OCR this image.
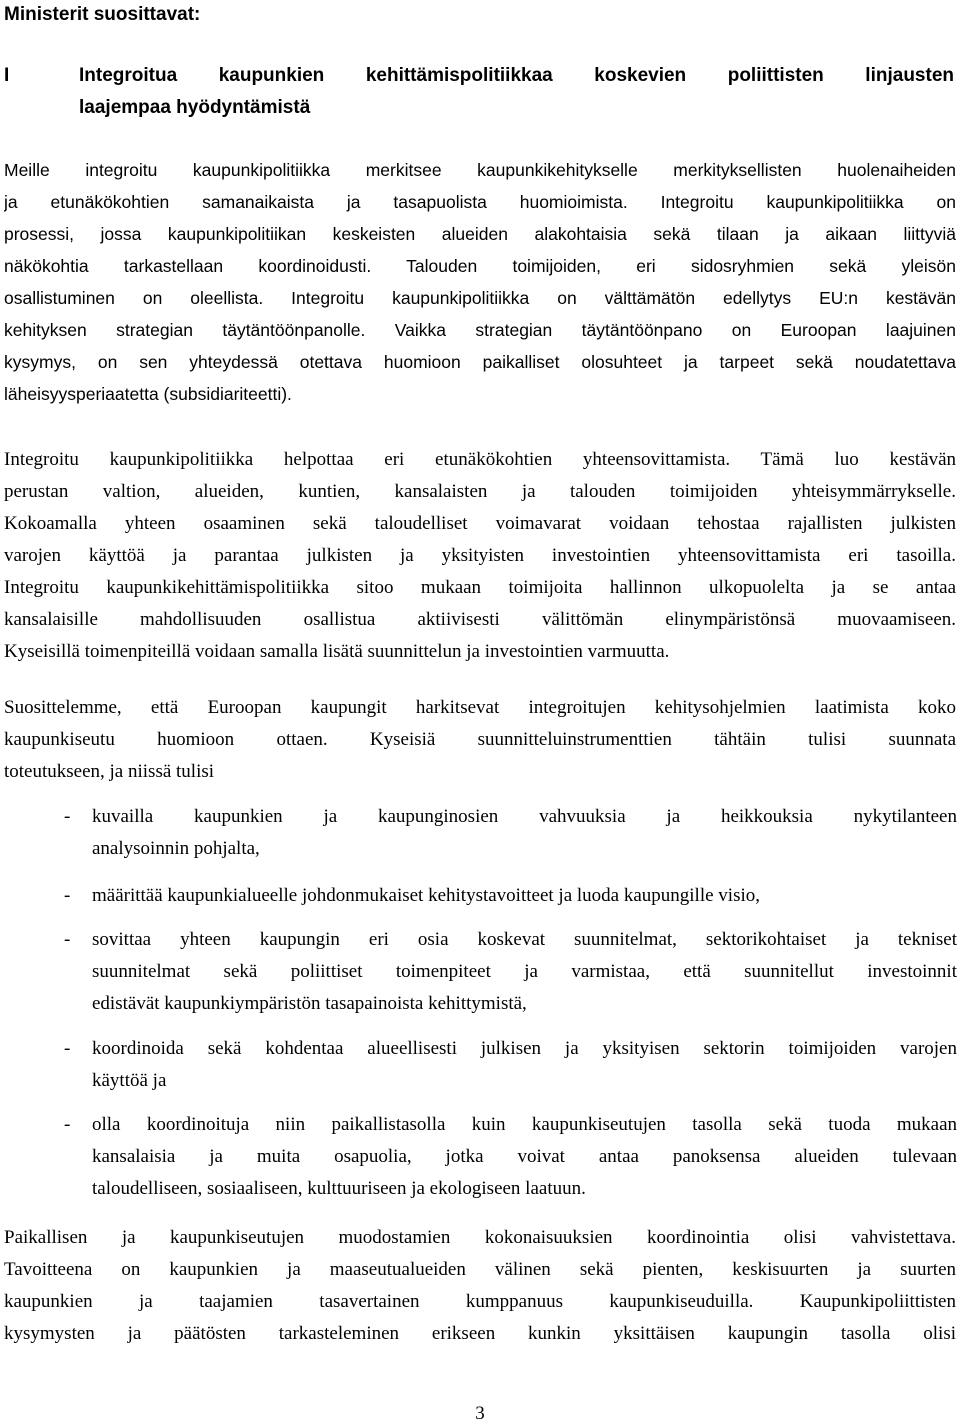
Ministerit suosittavat:
I	Integroitua kaupunkien kehittämispolitiikkaa koskevien poliittisten linjausten
laajempaa hyödyntämistä
Meille integroitu kaupunkipolitiikka merkitsee kaupunkikehitykselle merkityksellisten huolenaiheiden
ja etunäkökohtien samanaikaista ja tasapuolista huomioimista. Integroitu kaupunkipolitiikka on
prosessi, jossa kaupunkipolitiikan keskeisten alueiden alakohtaisia sekä tilaan ja aikaan liittyviä
näkökohtia tarkastellaan koordinoidusti. Talouden toimijoiden, eri sidosryhmien sekä yleisön
osallistuminen on oleellista. Integroitu kaupunkipolitiikka on välttämätön edellytys EU:n kestävän
kehityksen strategian täytäntöönpanolle. Vaikka strategian täytäntöönpano on Euroopan laajuinen
kysymys, on sen yhteydessä otettava huomioon paikalliset olosuhteet ja tarpeet sekä noudatettava
läheisyysperiaatetta (subsidiariteetti).
Integroitu kaupunkipolitiikka helpottaa eri etunäkökohtien yhteensovittamista. Tämä luo kestävän
perustan valtion, alueiden, kuntien, kansalaisten ja talouden toimijoiden yhteisymmärrykselle.
Kokoamalla yhteen osaaminen sekä taloudelliset voimavarat voidaan tehostaa rajallisten julkisten
varojen käyttöä ja parantaa julkisten ja yksityisten investointien yhteensovittamista eri tasoilla.
Integroitu kaupunkikehittämispolitiikka sitoo mukaan toimijoita hallinnon ulkopuolelta ja se antaa
kansalaisille mahdollisuuden osallistua aktiivisesti välittömän elinympäristönsä muovaamiseen.
Kyseisillä toimenpiteillä voidaan samalla lisätä suunnittelun ja investointien varmuutta.
Suosittelemme, että Euroopan kaupungit harkitsevat integroitujen kehitysohjelmien laatimista koko
kaupunkiseutu huomioon ottaen. Kyseisiä suunnitteluinstrumenttien tähtäin tulisi suunnata
toteutukseen, ja niissä tulisi
- kuvailla kaupunkien ja kaupunginosien vahvuuksia ja heikkouksia nykytilanteen
analysoinnin pohjalta,
- määrittää kaupunkialueelle johdonmukaiset kehitystavoitteet ja luoda kaupungille visio,
- sovittaa yhteen kaupungin eri osia koskevat suunnitelmat, sektorikohtaiset ja tekniset
suunnitelmat sekä poliittiset toimenpiteet ja varmistaa, että suunnitellut investoinnit
edistävät kaupunkiympäristön tasapainoista kehittymistä,
- koordinoida sekä kohdentaa alueellisesti julkisen ja yksityisen sektorin toimijoiden varojen
käyttöä ja
- olla koordinoituja niin paikallistasolla kuin kaupunkiseutujen tasolla sekä tuoda mukaan
kansalaisia ja muita osapuolia, jotka voivat antaa panoksensa alueiden tulevaan
taloudelliseen, sosiaaliseen, kulttuuriseen ja ekologiseen laatuun.
Paikallisen ja kaupunkiseutujen muodostamien kokonaisuuksien koordinointia olisi vahvistettava.
Tavoitteena on kaupunkien ja maaseutualueiden välinen sekä pienten, keskisuurten ja suurten
kaupunkien ja taajamien tasavertainen kumppanuus kaupunkiseuduilla. Kaupunkipoliittisten
kysymysten ja päätösten tarkasteleminen erikseen kunkin yksittäisen kaupungin tasolla olisi
3
